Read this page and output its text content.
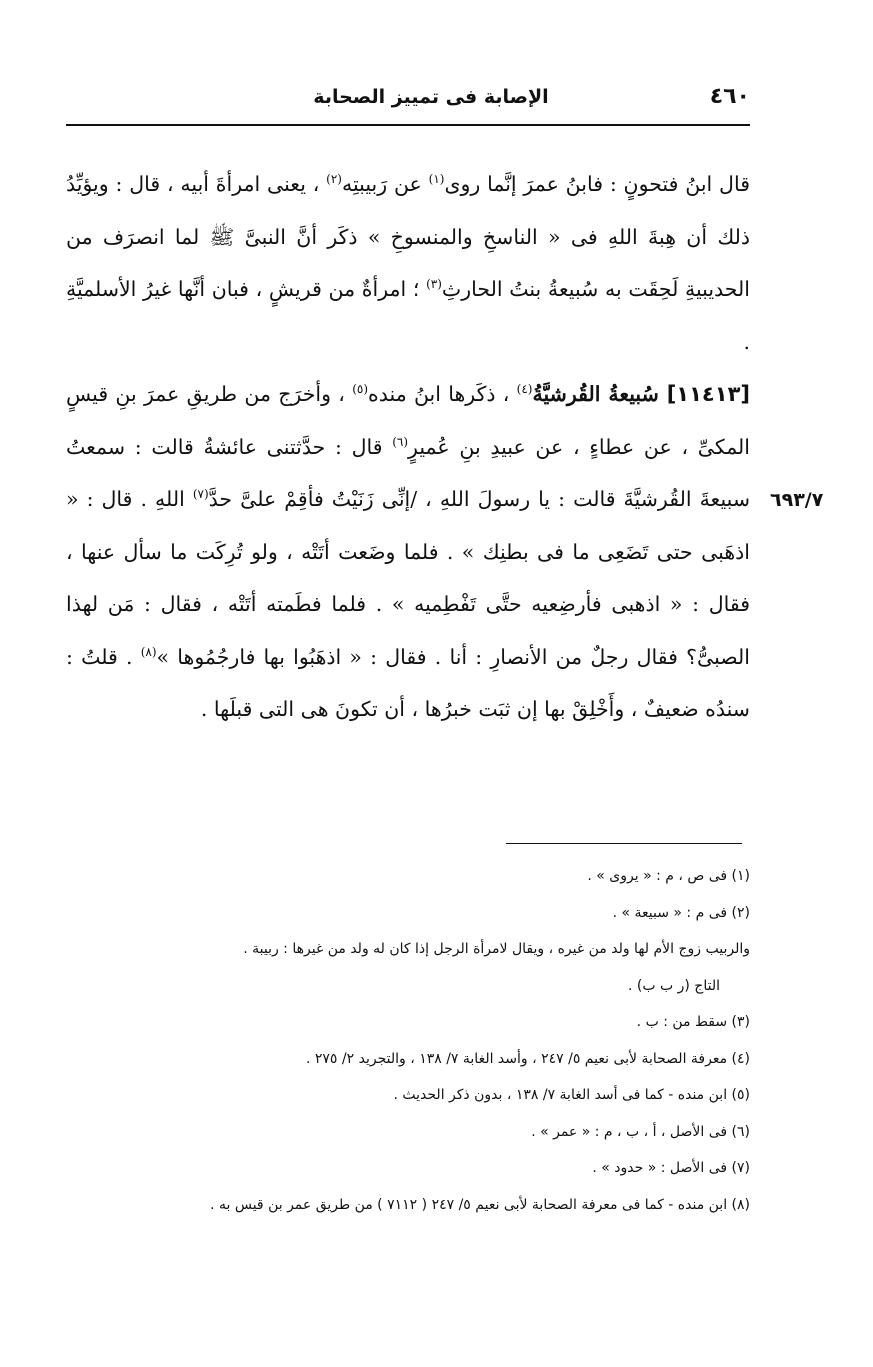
٤٦٠
الإصابة فى تمييز الصحابة
٦٩٣/٧

قال ابنُ فتحونٍ : فابنُ عمرَ إنَّما روى$^{(١)}$ عن رَبيبتِه$^{(٢)}$ ، يعنى امرأةَ أبيه ، قال : ويؤيِّدُ ذلك أن هِبةَ اللهِ فى « الناسخِ والمنسوخِ » ذكَر أنَّ النبىَّ ﷺ لما انصرَف من الحديبيةِ لَحِقَت به سُبيعةُ بنتُ الحارثِ$^{(٣)}$ ؛ امرأةٌ من قريشٍ ، فبان أنَّها غيرُ الأسلميَّةِ .

[١١٤١٣] سُبيعةُ القُرشيَّةُ$^{(٤)}$ ، ذكَرها ابنُ منده$^{(٥)}$ ، وأخرَج من طريقِ عمرَ بنِ قيسٍ المكىِّ ، عن عطاءٍ ، عن عبيدِ بنِ عُميرٍ$^{(٦)}$ قال : حدَّثتنى عائشةُ قالت : سمعتُ سبيعةَ القُرشيَّةَ قالت : يا رسولَ اللهِ ، /إنِّى زَنَيْتُ فأقِمْ علىَّ حدَّ$^{(٧)}$ اللهِ . قال : « اذهَبى حتى تَضَعِى ما فى بطنِك » . فلما وضَعت أتَتْه ، ولو تُرِكَت ما سأل عنها ، فقال : « اذهبى فأرضِعيه حتَّى تَفْطِميه » . فلما فطَمته أتَتْه ، فقال : مَن لهذا الصبىُّ؟ فقال رجلٌ من الأنصارِ : أنا . فقال : « اذهَبُوا بها فارجُمُوها »$^{(٨)}$ . قلتُ : سندُه ضعيفٌ ، وأَخْلِقْ بها إن ثبَت خبرُها ، أن تكونَ هى التى قبلَها .

(١) فى ص ، م : « يروى » .
(٢) فى م : « سبيعة » .
والربيب زوج الأم لها ولد من غيره ، ويقال لامرأة الرجل إذا كان له ولد من غيرها : ربيبة .
التاج (ر ب ب) .
(٣) سقط من : ب .
(٤) معرفة الصحابة لأبى نعيم ٥/ ٢٤٧ ، وأسد الغابة ٧/ ١٣٨ ، والتجريد ٢/ ٢٧٥ .
(٥) ابن منده - كما فى أسد الغابة ٧/ ١٣٨ ، بدون ذكر الحديث .
(٦) فى الأصل ، أ ، ب ، م : « عمر » .
(٧) فى الأصل : « حدود » .
(٨) ابن منده - كما فى معرفة الصحابة لأبى نعيم ٥/ ٢٤٧ ( ٧١١٢ ) من طريق عمر بن قيس به .
